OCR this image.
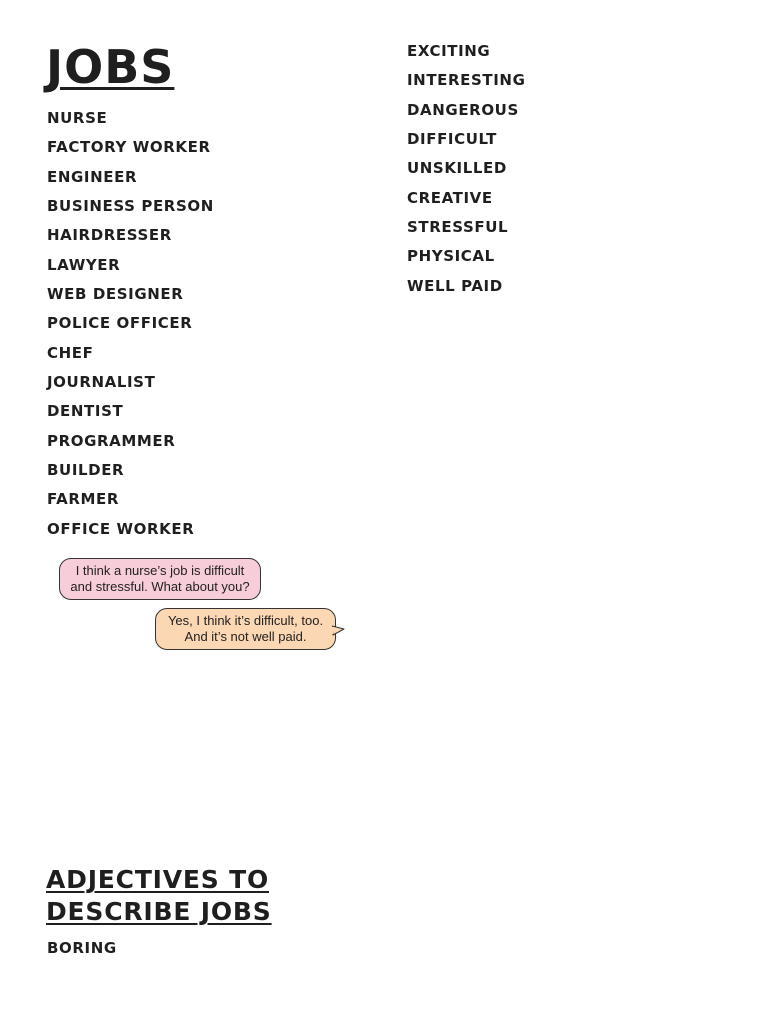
JOBS
NURSE
FACTORY WORKER
ENGINEER
BUSINESS PERSON
HAIRDRESSER
LAWYER
WEB DESIGNER
POLICE OFFICER
CHEF
JOURNALIST
DENTIST
PROGRAMMER
BUILDER
FARMER
OFFICE WORKER
EXCITING
INTERESTING
DANGEROUS
DIFFICULT
UNSKILLED
CREATIVE
STRESSFUL
PHYSICAL
WELL PAID
I think a nurse’s job is difficult
and stressful. What about you?
Yes, I think it’s difficult, too.
And it’s not well paid.
ADJECTIVES TO
DESCRIBE JOBS
BORING
